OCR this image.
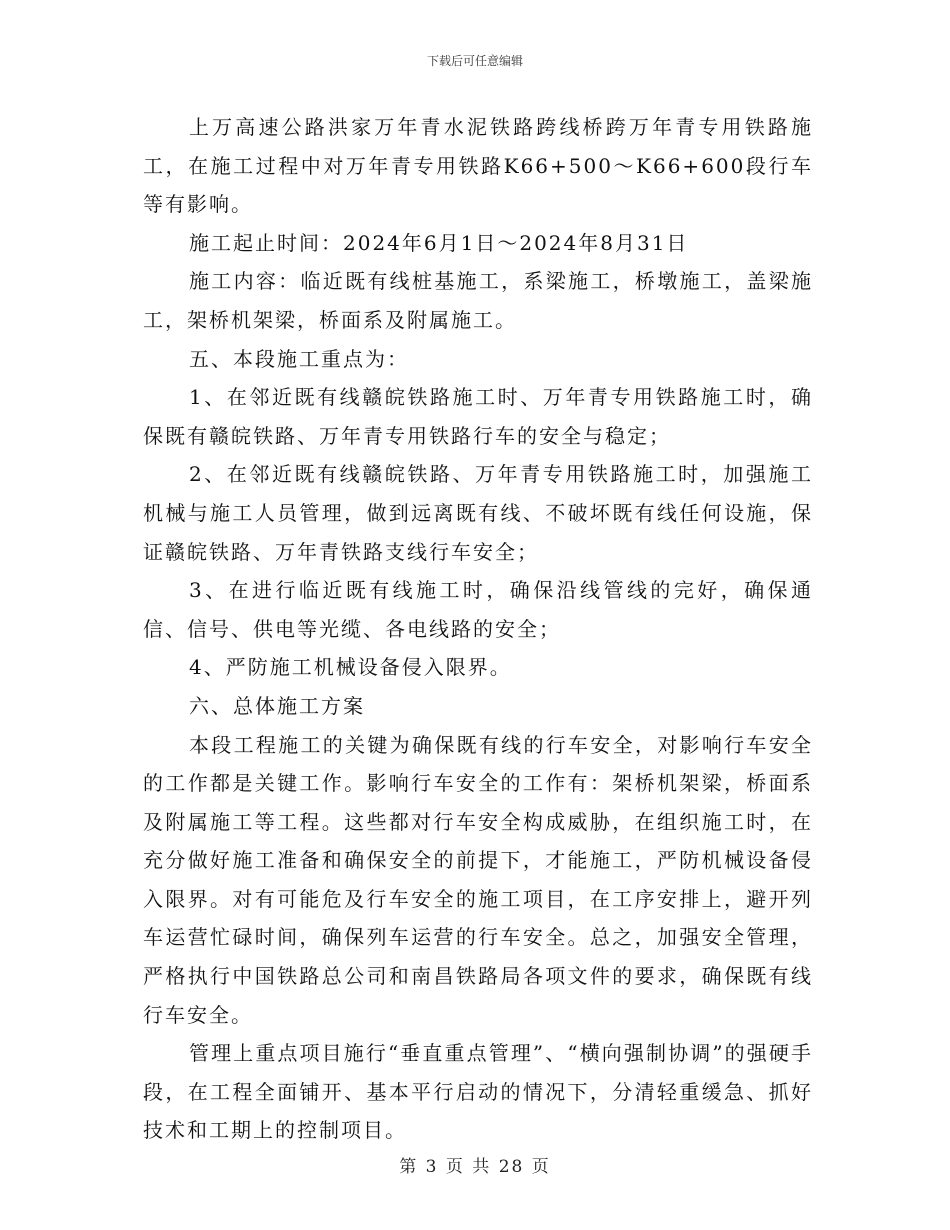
下载后可任意编辑

上万高速公路洪家万年青水泥铁路跨线桥跨万年青专用铁路施工，在施工过程中对万年青专用铁路K66+500～K66+600段行车等有影响。

施工起止时间：2024年6月1日～2024年8月31日

施工内容：临近既有线桩基施工，系梁施工，桥墩施工，盖梁施工，架桥机架梁，桥面系及附属施工。

五、本段施工重点为：

1、在邻近既有线赣皖铁路施工时、万年青专用铁路施工时，确保既有赣皖铁路、万年青专用铁路行车的安全与稳定；

2、在邻近既有线赣皖铁路、万年青专用铁路施工时，加强施工机械与施工人员管理，做到远离既有线、不破坏既有线任何设施，保证赣皖铁路、万年青铁路支线行车安全；

3、在进行临近既有线施工时，确保沿线管线的完好，确保通信、信号、供电等光缆、各电线路的安全；

4、严防施工机械设备侵入限界。

六、总体施工方案

本段工程施工的关键为确保既有线的行车安全，对影响行车安全的工作都是关键工作。影响行车安全的工作有：架桥机架梁，桥面系及附属施工等工程。这些都对行车安全构成威胁，在组织施工时，在充分做好施工准备和确保安全的前提下，才能施工，严防机械设备侵入限界。对有可能危及行车安全的施工项目，在工序安排上，避开列车运营忙碌时间，确保列车运营的行车安全。总之，加强安全管理，严格执行中国铁路总公司和南昌铁路局各项文件的要求，确保既有线行车安全。

管理上重点项目施行“垂直重点管理”、“横向强制协调”的强硬手段，在工程全面铺开、基本平行启动的情况下，分清轻重缓急、抓好技术和工期上的控制项目。

第 3 页 共 28 页
